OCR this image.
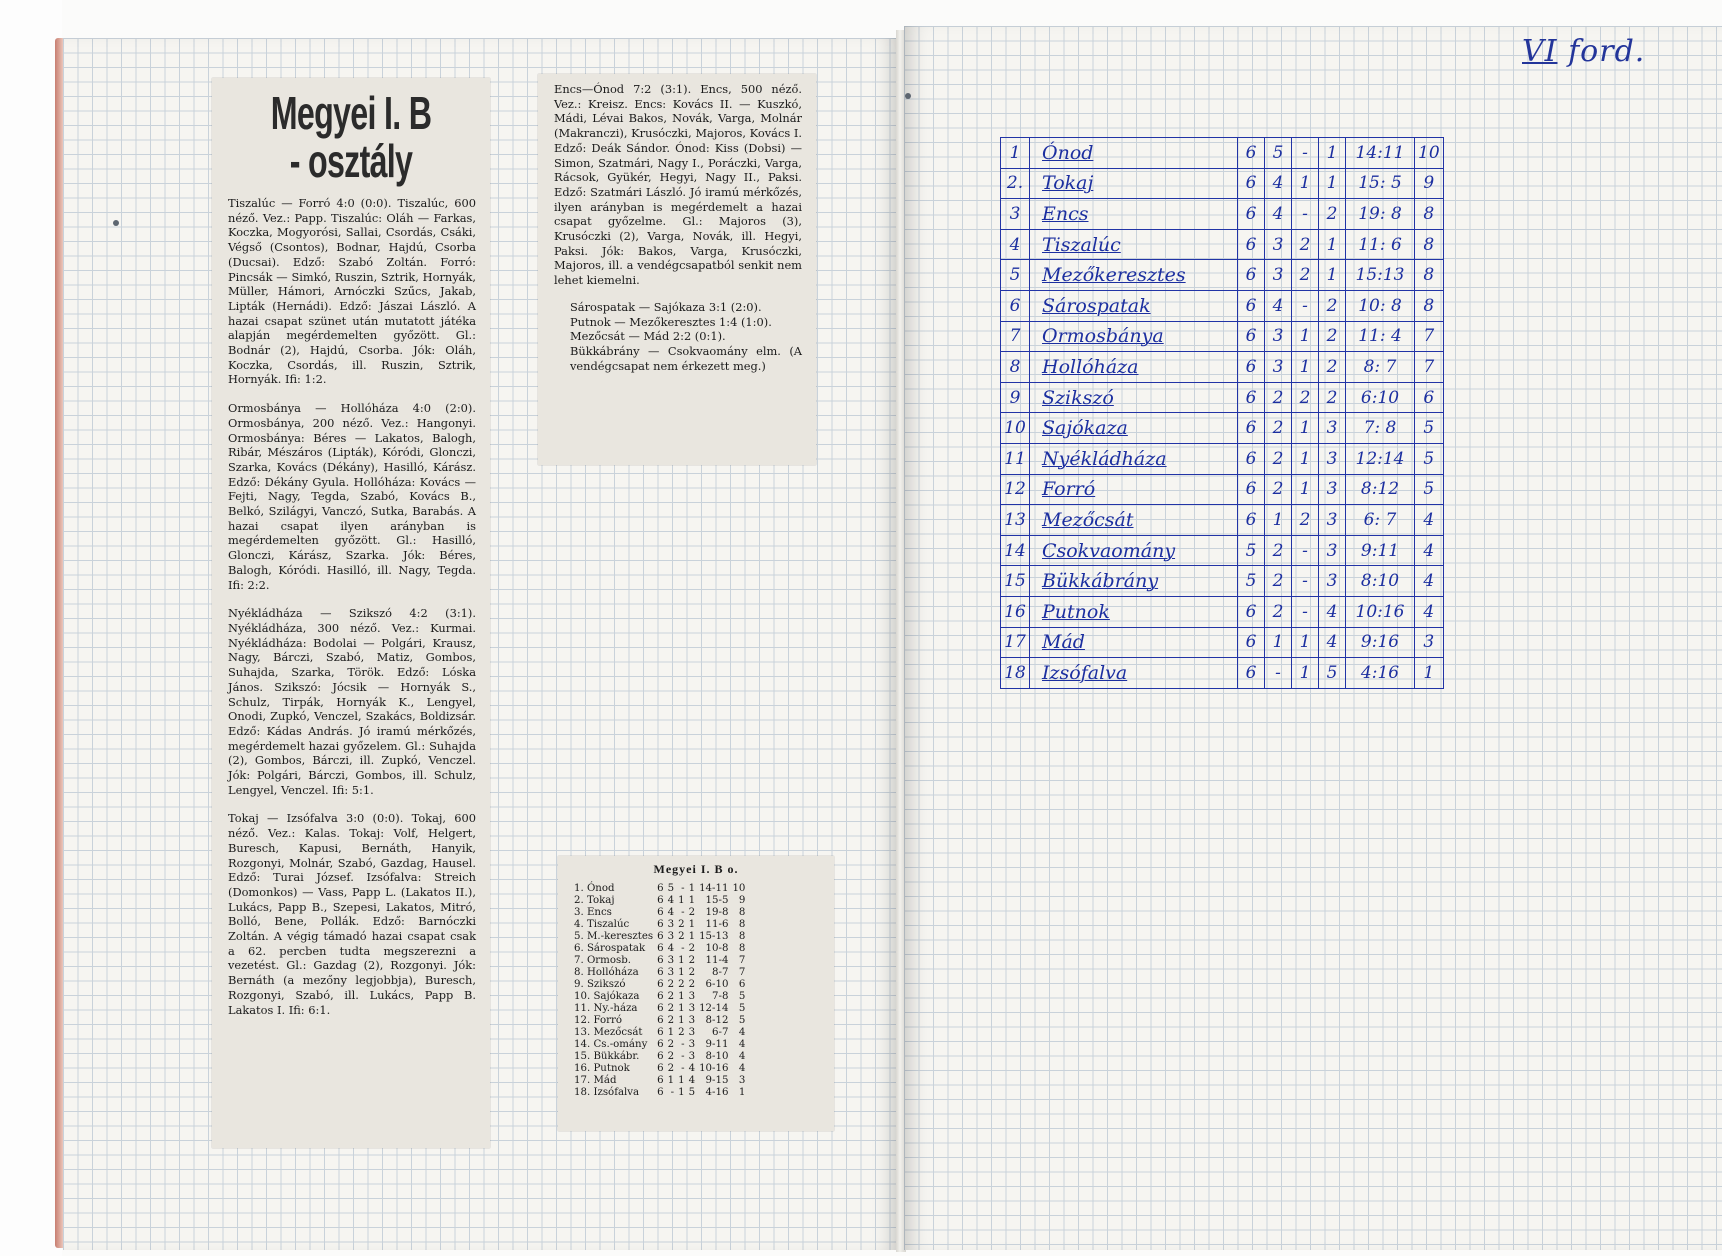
Megyei I. B
- osztály

Tiszalúc — Forró 4:0 (0:0). Tiszalúc, 600 néző. Vez.: Papp. Tiszalúc: Oláh — Farkas, Koczka, Mogyorósi, Sallai, Csordás, Csáki, Végső (Csontos), Bodnar, Hajdú, Csorba (Ducsai). Edző: Szabó Zoltán. Forró: Pincsák — Simkó, Ruszin, Sztrik, Hornyák, Müller, Hámori, Arnóczki Szűcs, Jakab, Lipták (Hernádi). Edző: Jászai László. A hazai csapat szünet után mutatott játéka alapján megérdemelten győzött. Gl.: Bodnár (2), Hajdú, Csorba. Jók: Oláh, Koczka, Csordás, ill. Ruszin, Sztrik, Hornyák. Ifi: 1:2.

Ormosbánya — Hollóháza 4:0 (2:0). Ormosbánya, 200 néző. Vez.: Hangonyi. Ormosbánya: Béres — Lakatos, Balogh, Ribár, Mészáros (Lipták), Kóródi, Glonczi, Szarka, Kovács (Dékány), Hasilló, Kárász. Edző: Dékány Gyula. Hollóháza: Kovács — Fejti, Nagy, Tegda, Szabó, Kovács B., Belkó, Szilágyi, Vanczó, Sutka, Barabás. A hazai csapat ilyen arányban is megérdemelten győzött. Gl.: Hasilló, Glonczi, Kárász, Szarka. Jók: Béres, Balogh, Kóródi. Hasilló, ill. Nagy, Tegda. Ifi: 2:2.

Nyékládháza — Szikszó 4:2 (3:1). Nyékládháza, 300 néző. Vez.: Kurmai. Nyékládháza: Bodolai — Polgári, Krausz, Nagy, Bárczi, Szabó, Matiz, Gombos, Suhajda, Szarka, Török. Edző: Lóska János. Szikszó: Jócsik — Hornyák S., Schulz, Tirpák, Hornyák K., Lengyel, Onodi, Zupkó, Venczel, Szakács, Boldizsár. Edző: Kádas András. Jó iramú mérkőzés, megérdemelt hazai győzelem. Gl.: Suhajda (2), Gombos, Bárczi, ill. Zupkó, Venczel. Jók: Polgári, Bárczi, Gombos, ill. Schulz, Lengyel, Venczel. Ifi: 5:1.

Tokaj — Izsófalva 3:0 (0:0). Tokaj, 600 néző. Vez.: Kalas. Tokaj: Volf, Helgert, Buresch, Kapusi, Bernáth, Hanyik, Rozgonyi, Molnár, Szabó, Gazdag, Hausel. Edző: Turai József. Izsófalva: Streich (Domonkos) — Vass, Papp L. (Lakatos II.), Lukács, Papp B., Szepesi, Lakatos, Mitró, Bolló, Bene, Pollák. Edző: Barnóczki Zoltán. A végig támadó hazai csapat csak a 62. percben tudta megszerezni a vezetést. Gl.: Gazdag (2), Rozgonyi. Jók: Bernáth (a mezőny legjobbja), Buresch, Rozgonyi, Szabó, ill. Lukács, Papp B. Lakatos I. Ifi: 6:1.

Encs—Ónod 7:2 (3:1). Encs, 500 néző. Vez.: Kreisz. Encs: Kovács II. — Kuszkó, Mádi, Lévai Bakos, Novák, Varga, Molnár (Makranczi), Krusóczki, Majoros, Kovács I. Edző: Deák Sándor. Ónod: Kiss (Dobsi) — Simon, Szatmári, Nagy I., Poráczki, Varga, Rácsok, Gyükér, Hegyi, Nagy II., Paksi. Edző: Szatmári László. Jó iramú mérkőzés, ilyen arányban is megérdemelt a hazai csapat győzelme. Gl.: Majoros (3), Krusóczki (2), Varga, Novák, ill. Hegyi, Paksi. Jók: Bakos, Varga, Krusóczki, Majoros, ill. a vendégcsapatból senkit nem lehet kiemelni.

Sárospatak — Sajókaza 3:1 (2:0).

Putnok — Mezőkeresztes 1:4 (1:0).

Mezőcsát — Mád 2:2 (0:1).

Bükkábrány — Csokvaomány elm. (A vendégcsapat nem érkezett meg.)

Megyei I. B o.
1. Ónod	6	5	-	1	14-11	10
2. Tokaj	6	4	1	1	15-5	9
3. Encs	6	4	-	2	19-8	8
4. Tiszalúc	6	3	2	1	11-6	8
5. M.-keresztes	6	3	2	1	15-13	8
6. Sárospatak	6	4	-	2	10-8	8
7. Ormosb.	6	3	1	2	11-4	7
8. Hollóháza	6	3	1	2	8-7	7
9. Szikszó	6	2	2	2	6-10	6
10. Sajókaza	6	2	1	3	7-8	5
11. Ny.-háza	6	2	1	3	12-14	5
12. Forró	6	2	1	3	8-12	5
13. Mezőcsát	6	1	2	3	6-7	4
14. Cs.-omány	6	2	-	3	9-11	4
15. Bükkábr.	6	2	-	3	8-10	4
16. Putnok	6	2	-	4	10-16	4
17. Mád	6	1	1	4	9-15	3
18. Izsófalva	6	-	1	5	4-16	1
VI ford.
1	Ónod	6	5	-	1	14:11	10
2.	Tokaj	6	4	1	1	15: 5	9
3	Encs	6	4	-	2	19: 8	8
4	Tiszalúc	6	3	2	1	11: 6	8
5	Mezőkeresztes	6	3	2	1	15:13	8
6	Sárospatak	6	4	-	2	10: 8	8
7	Ormosbánya	6	3	1	2	11: 4	7
8	Hollóháza	6	3	1	2	8: 7	7
9	Szikszó	6	2	2	2	6:10	6
10	Sajókaza	6	2	1	3	7: 8	5
11	Nyékládháza	6	2	1	3	12:14	5
12	Forró	6	2	1	3	8:12	5
13	Mezőcsát	6	1	2	3	6: 7	4
14	Csokvaomány	5	2	-	3	9:11	4
15	Bükkábrány	5	2	-	3	8:10	4
16	Putnok	6	2	-	4	10:16	4
17	Mád	6	1	1	4	9:16	3
18	Izsófalva	6	-	1	5	4:16	1
